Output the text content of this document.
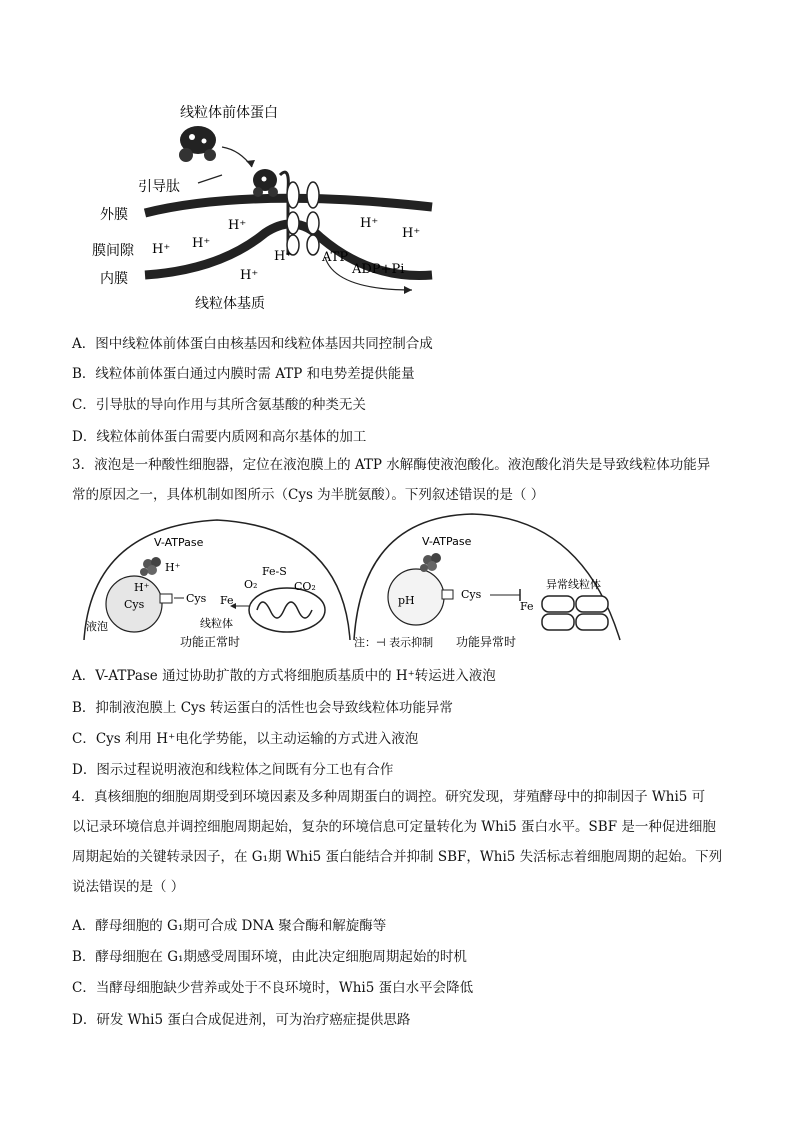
线粒体前体蛋白
引导肽
外膜
膜间隙
内膜
线粒体基质
H⁺
H⁺
H⁺	H⁺
H⁺
H⁺
H⁺
ATP
ADP+Pi
A．图中线粒体前体蛋白由核基因和线粒体基因共同控制合成
B．线粒体前体蛋白通过内膜时需 ATP 和电势差提供能量
C．引导肽的导向作用与其所含氨基酸的种类无关
D．线粒体前体蛋白需要内质网和高尔基体的加工
3．液泡是一种酸性细胞器，定位在液泡膜上的 ATP 水解酶使液泡酸化。液泡酸化消失是导致线粒体功能异
常的原因之一，具体机制如图所示（Cys 为半胱氨酸）。下列叙述错误的是（ ）
V-ATPase
H⁺
H⁺
Cys	Cys Fe
Fe-S
O₂	CO₂
线粒体
液泡
功能正常时
V-ATPase
pH	Cys
Fe
异常线粒体
注：⊣ 表示抑制 功能异常时
A．V-ATPase 通过协助扩散的方式将细胞质基质中的 H⁺转运进入液泡
B．抑制液泡膜上 Cys 转运蛋白的活性也会导致线粒体功能异常
C．Cys 利用 H⁺电化学势能，以主动运输的方式进入液泡
D．图示过程说明液泡和线粒体之间既有分工也有合作
4．真核细胞的细胞周期受到环境因素及多种周期蛋白的调控。研究发现，芽殖酵母中的抑制因子 Whi5 可
以记录环境信息并调控细胞周期起始，复杂的环境信息可定量转化为 Whi5 蛋白水平。SBF 是一种促进细胞
周期起始的关键转录因子，在 G₁期 Whi5 蛋白能结合并抑制 SBF，Whi5 失活标志着细胞周期的起始。下列
说法错误的是（ ）
A．酵母细胞的 G₁期可合成 DNA 聚合酶和解旋酶等
B．酵母细胞在 G₁期感受周围环境，由此决定细胞周期起始的时机
C．当酵母细胞缺少营养或处于不良环境时，Whi5 蛋白水平会降低
D．研发 Whi5 蛋白合成促进剂，可为治疗癌症提供思路
